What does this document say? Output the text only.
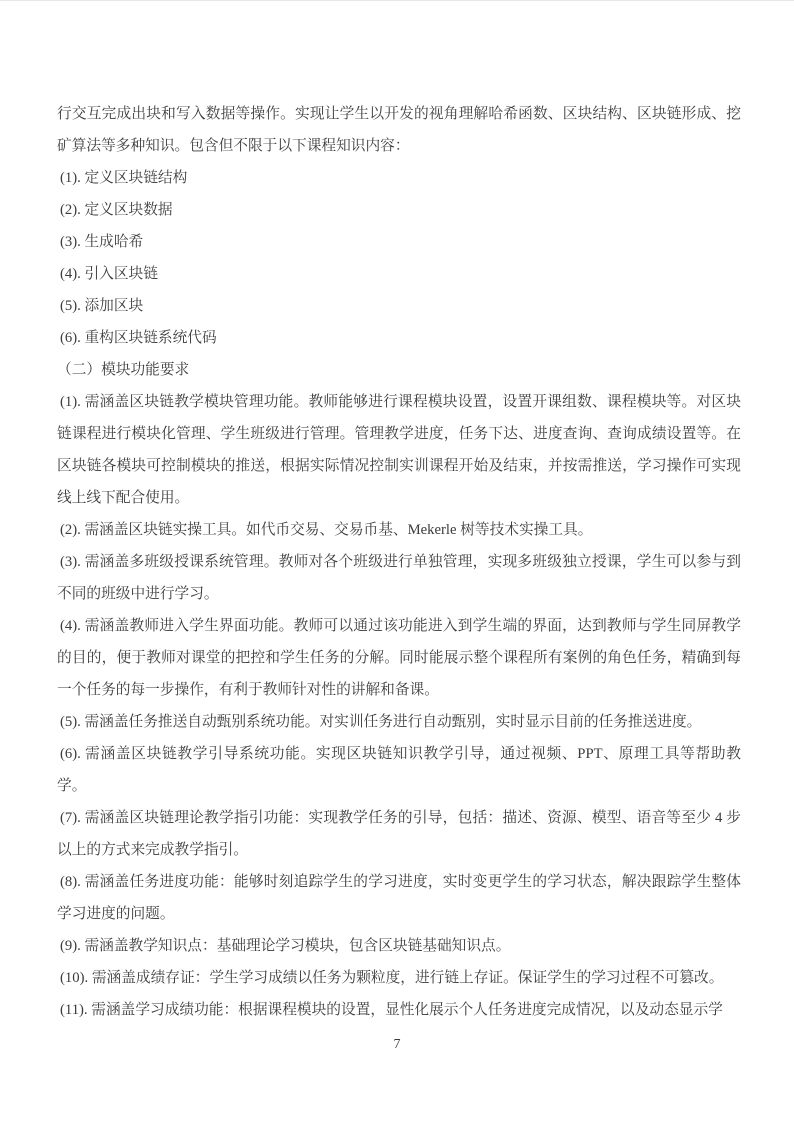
行交互完成出块和写入数据等操作。实现让学生以开发的视角理解哈希函数、区块结构、区块链形成、挖矿算法等多种知识。包含但不限于以下课程知识内容：

(1). 定义区块链结构

(2). 定义区块数据

(3). 生成哈希

(4). 引入区块链

(5). 添加区块

(6). 重构区块链系统代码

（二）模块功能要求

(1). 需涵盖区块链教学模块管理功能。教师能够进行课程模块设置，设置开课组数、课程模块等。对区块链课程进行模块化管理、学生班级进行管理。管理教学进度，任务下达、进度查询、查询成绩设置等。在区块链各模块可控制模块的推送，根据实际情况控制实训课程开始及结束，并按需推送，学习操作可实现线上线下配合使用。

(2). 需涵盖区块链实操工具。如代币交易、交易币基、Mekerle 树等技术实操工具。

(3). 需涵盖多班级授课系统管理。教师对各个班级进行单独管理，实现多班级独立授课，学生可以参与到不同的班级中进行学习。

(4). 需涵盖教师进入学生界面功能。教师可以通过该功能进入到学生端的界面，达到教师与学生同屏教学的目的，便于教师对课堂的把控和学生任务的分解。同时能展示整个课程所有案例的角色任务，精确到每一个任务的每一步操作，有利于教师针对性的讲解和备课。

(5). 需涵盖任务推送自动甄别系统功能。对实训任务进行自动甄别，实时显示目前的任务推送进度。

(6). 需涵盖区块链教学引导系统功能。实现区块链知识教学引导，通过视频、PPT、原理工具等帮助教学。

(7). 需涵盖区块链理论教学指引功能：实现教学任务的引导，包括：描述、资源、模型、语音等至少 4 步以上的方式来完成教学指引。

(8). 需涵盖任务进度功能：能够时刻追踪学生的学习进度，实时变更学生的学习状态，解决跟踪学生整体学习进度的问题。

(9). 需涵盖教学知识点：基础理论学习模块，包含区块链基础知识点。

(10). 需涵盖成绩存证：学生学习成绩以任务为颗粒度，进行链上存证。保证学生的学习过程不可篡改。

(11). 需涵盖学习成绩功能：根据课程模块的设置，显性化展示个人任务进度完成情况，以及动态显示学

7
